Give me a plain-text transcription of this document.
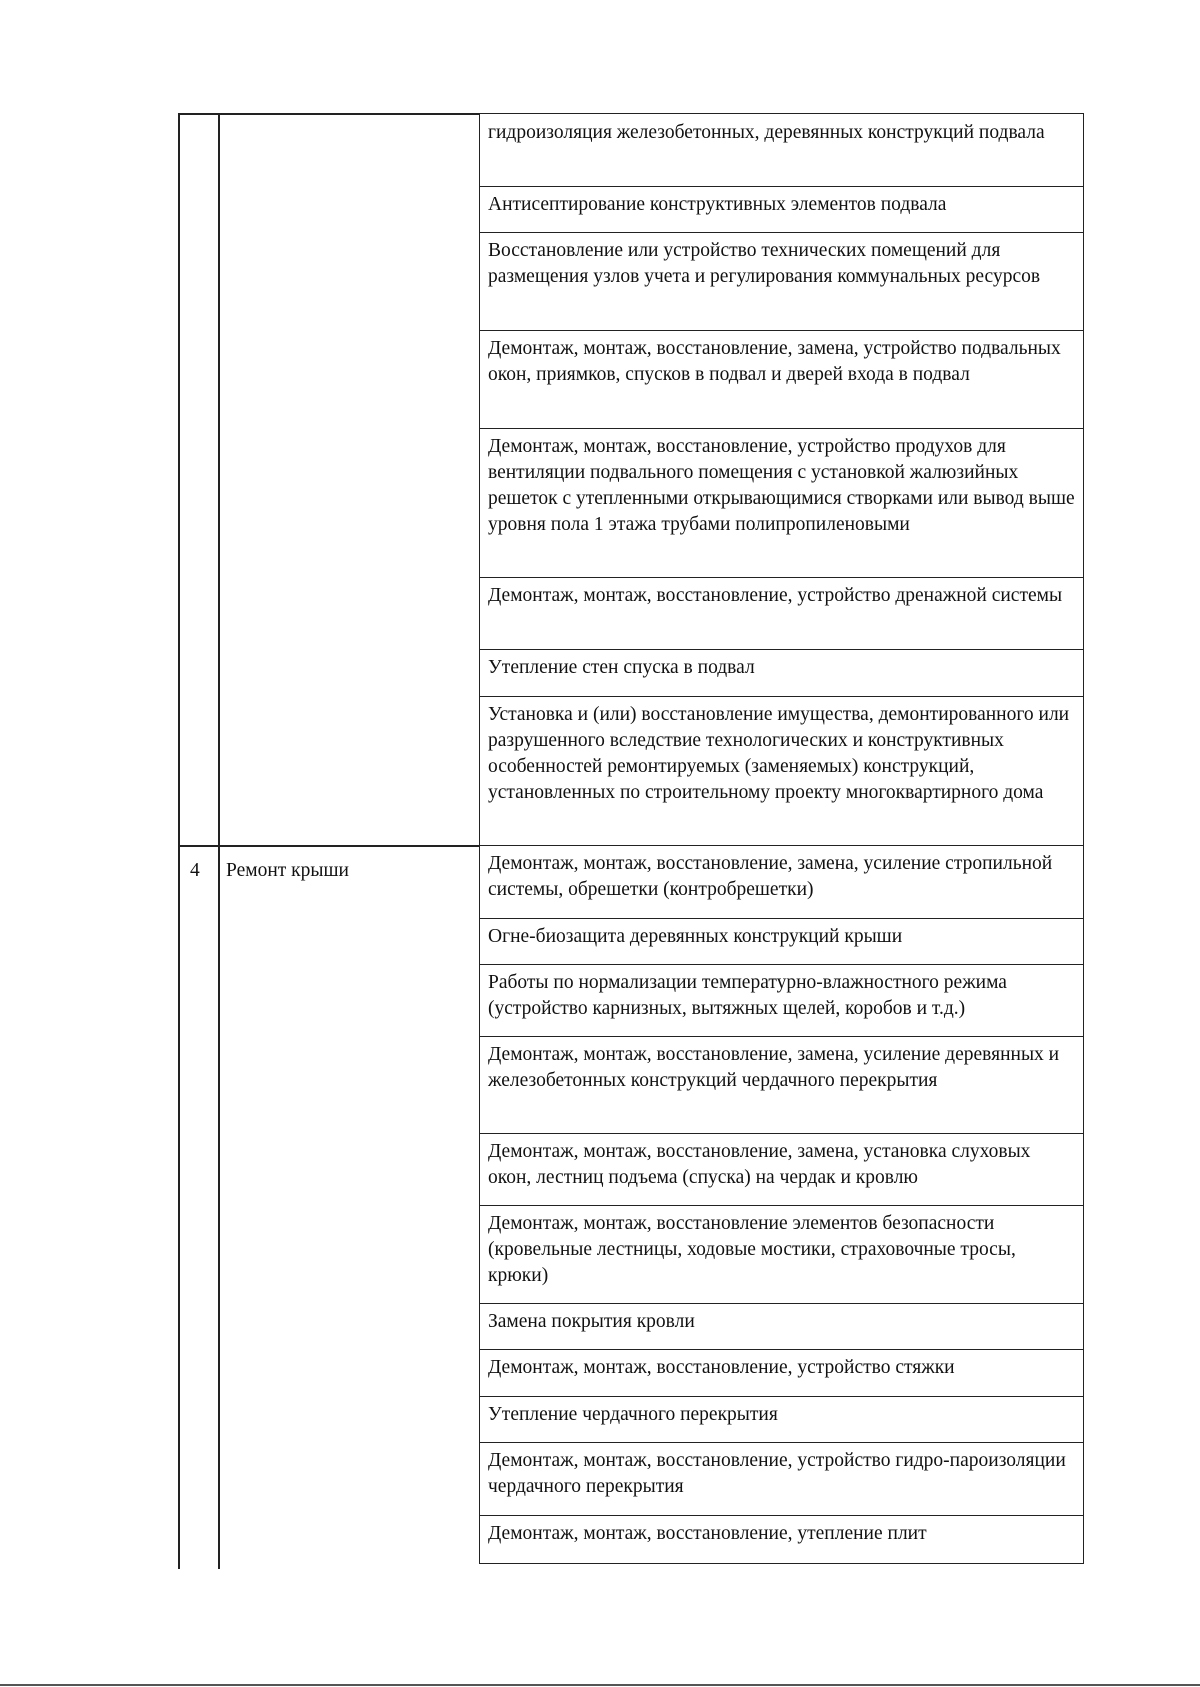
гидроизоляция железобетонных, деревянных конструкций подвала
Антисептирование конструктивных элементов подвала
Восстановление или устройство технических помещений для размещения узлов учета и регулирования коммунальных ресурсов
Демонтаж, монтаж, восстановление, замена, устройство подвальных окон, приямков, спусков в подвал и дверей входа в подвал
Демонтаж, монтаж, восстановление, устройство продухов для вентиляции подвального помещения с установкой жалюзийных решеток с утепленными открывающимися створками или вывод выше уровня пола 1 этажа трубами полипропиленовыми
Демонтаж, монтаж, восстановление, устройство дренажной системы
Утепление стен спуска в подвал
Установка и (или) восстановление имущества, демонтированного или разрушенного вследствие технологических и конструктивных особенностей ремонтируемых (заменяемых) конструкций, установленных по строительному проекту многоквартирного дома
4 Ремонт крыши	Демонтаж, монтаж, восстановление, замена, усиление стропильной системы, обрешетки (контробрешетки)
Огне-биозащита деревянных конструкций крыши
Работы по нормализации температурно-влажностного режима (устройство карнизных, вытяжных щелей, коробов и т.д.)
Демонтаж, монтаж, восстановление, замена, усиление деревянных и железобетонных конструкций чердачного перекрытия
Демонтаж, монтаж, восстановление, замена, установка слуховых окон, лестниц подъема (спуска) на чердак и кровлю
Демонтаж, монтаж, восстановление элементов безопасности (кровельные лестницы, ходовые мостики, страховочные тросы, крюки)
Замена покрытия кровли
Демонтаж, монтаж, восстановление, устройство стяжки
Утепление чердачного перекрытия
Демонтаж, монтаж, восстановление, устройство гидро-пароизоляции чердачного перекрытия
Демонтаж, монтаж, восстановление, утепление плит
